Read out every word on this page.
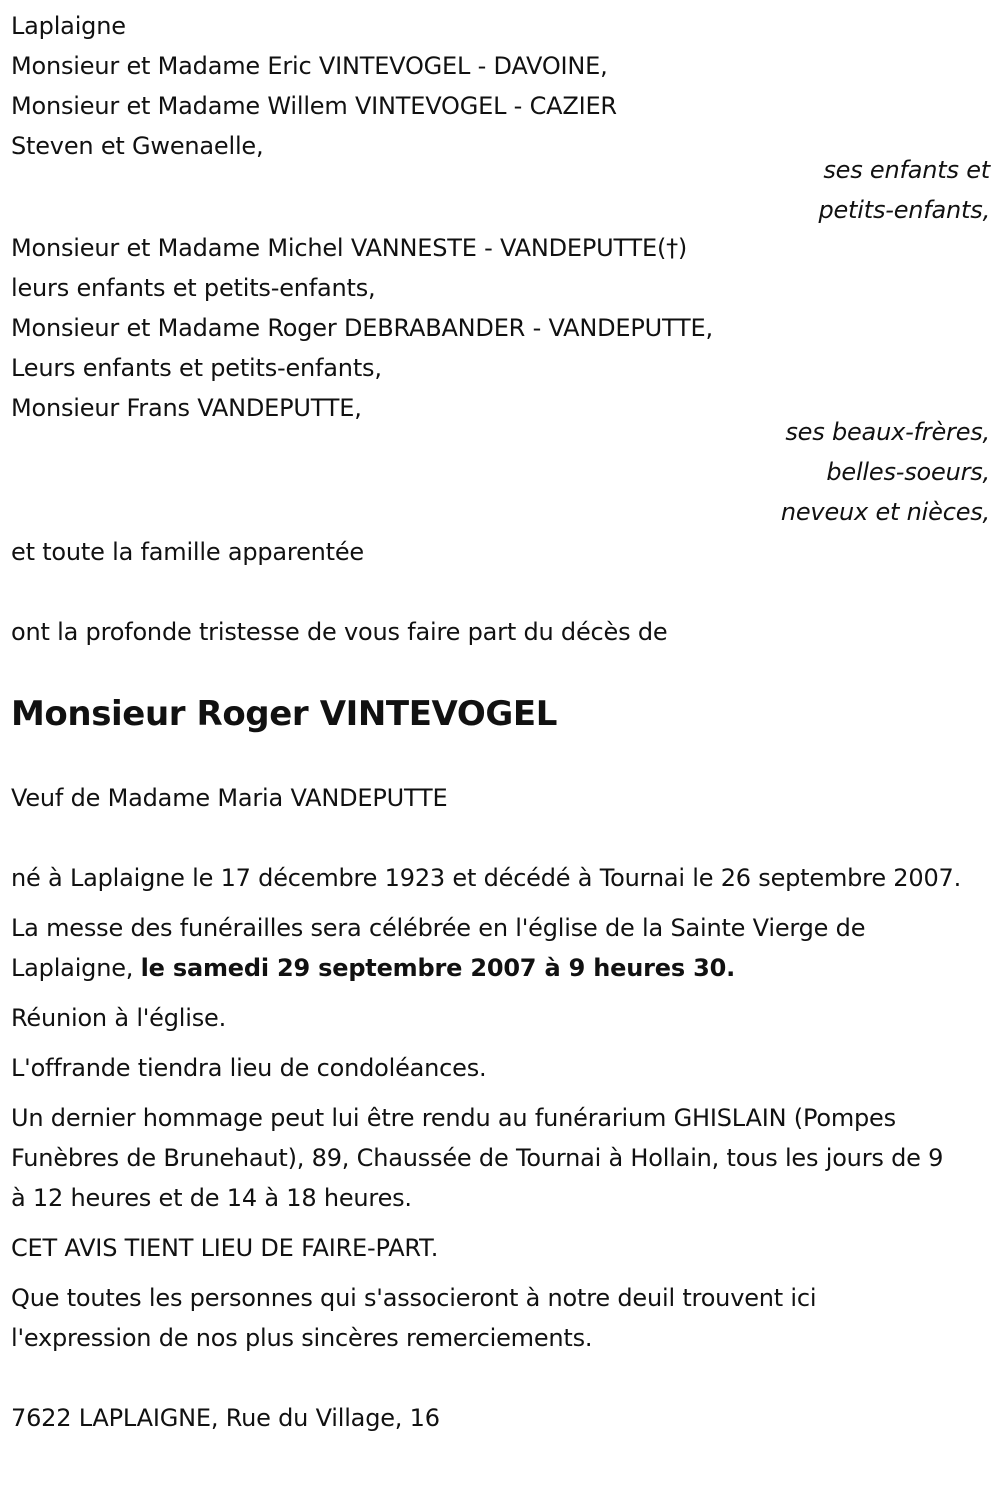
Laplaigne
Monsieur et Madame Eric VINTEVOGEL - DAVOINE,
Monsieur et Madame Willem VINTEVOGEL - CAZIER
Steven et Gwenaelle,
ses enfants et
petits-enfants,
Monsieur et Madame Michel VANNESTE - VANDEPUTTE(†)
leurs enfants et petits-enfants,
Monsieur et Madame Roger DEBRABANDER - VANDEPUTTE,
Leurs enfants et petits-enfants,
Monsieur Frans VANDEPUTTE,
ses beaux-frères,
belles-soeurs,
neveux et nièces,
et toute la famille apparentée
ont la profonde tristesse de vous faire part du décès de
Monsieur Roger VINTEVOGEL
Veuf de Madame Maria VANDEPUTTE

né à Laplaigne le 17 décembre 1923 et décédé à Tournai le 26 septembre 2007.

La messe des funérailles sera célébrée en l'église de la Sainte Vierge de Laplaigne, le samedi 29 septembre 2007 à 9 heures 30.

Réunion à l'église.

L'offrande tiendra lieu de condoléances.

Un dernier hommage peut lui être rendu au funérarium GHISLAIN (Pompes Funèbres de Brunehaut), 89, Chaussée de Tournai à Hollain, tous les jours de 9 à 12 heures et de 14 à 18 heures.

CET AVIS TIENT LIEU DE FAIRE-PART.

Que toutes les personnes qui s'associeront à notre deuil trouvent ici l'expression de nos plus sincères remerciements.

7622 LAPLAIGNE, Rue du Village, 16
